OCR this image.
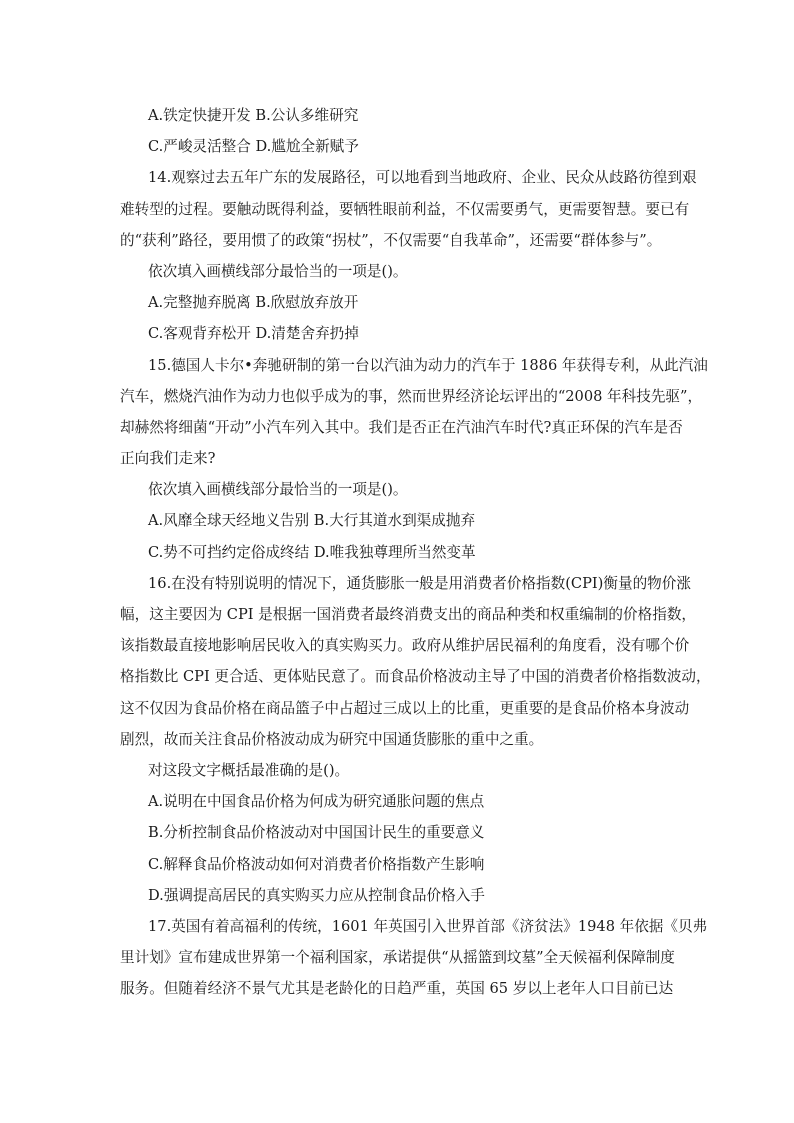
A.铁定快捷开发 B.公认多维研究
C.严峻灵活整合 D.尴尬全新赋予
14.观察过去五年广东的发展路径，可以地看到当地政府、企业、民众从歧路彷徨到艰
难转型的过程。要触动既得利益，要牺牲眼前利益，不仅需要勇气，更需要智慧。要已有
的“获利”路径，要用惯了的政策“拐杖”，不仅需要“自我革命”，还需要“群体参与”。
依次填入画横线部分最恰当的一项是()。
A.完整抛弃脱离 B.欣慰放弃放开
C.客观背弃松开 D.清楚舍弃扔掉
15.德国人卡尔•奔驰研制的第一台以汽油为动力的汽车于 1886 年获得专利，从此汽油
汽车，燃烧汽油作为动力也似乎成为的事，然而世界经济论坛评出的“2008 年科技先驱”，
却赫然将细菌“开动”小汽车列入其中。我们是否正在汽油汽车时代?真正环保的汽车是否
正向我们走来?
依次填入画横线部分最恰当的一项是()。
A.风靡全球天经地义告别 B.大行其道水到渠成抛弃
C.势不可挡约定俗成终结 D.唯我独尊理所当然变革
16.在没有特别说明的情况下，通货膨胀一般是用消费者价格指数(CPI)衡量的物价涨
幅，这主要因为 CPI 是根据一国消费者最终消费支出的商品种类和权重编制的价格指数，
该指数最直接地影响居民收入的真实购买力。政府从维护居民福利的角度看，没有哪个价
格指数比 CPI 更合适、更体贴民意了。而食品价格波动主导了中国的消费者价格指数波动，
这不仅因为食品价格在商品篮子中占超过三成以上的比重，更重要的是食品价格本身波动
剧烈，故而关注食品价格波动成为研究中国通货膨胀的重中之重。
对这段文字概括最准确的是()。
A.说明在中国食品价格为何成为研究通胀问题的焦点
B.分析控制食品价格波动对中国国计民生的重要意义
C.解释食品价格波动如何对消费者价格指数产生影响
D.强调提高居民的真实购买力应从控制食品价格入手
17.英国有着高福利的传统，1601 年英国引入世界首部《济贫法》1948 年依据《贝弗
里计划》宣布建成世界第一个福利国家，承诺提供“从摇篮到坟墓”全天候福利保障制度
服务。但随着经济不景气尤其是老龄化的日趋严重，英国 65 岁以上老年人口目前已达
